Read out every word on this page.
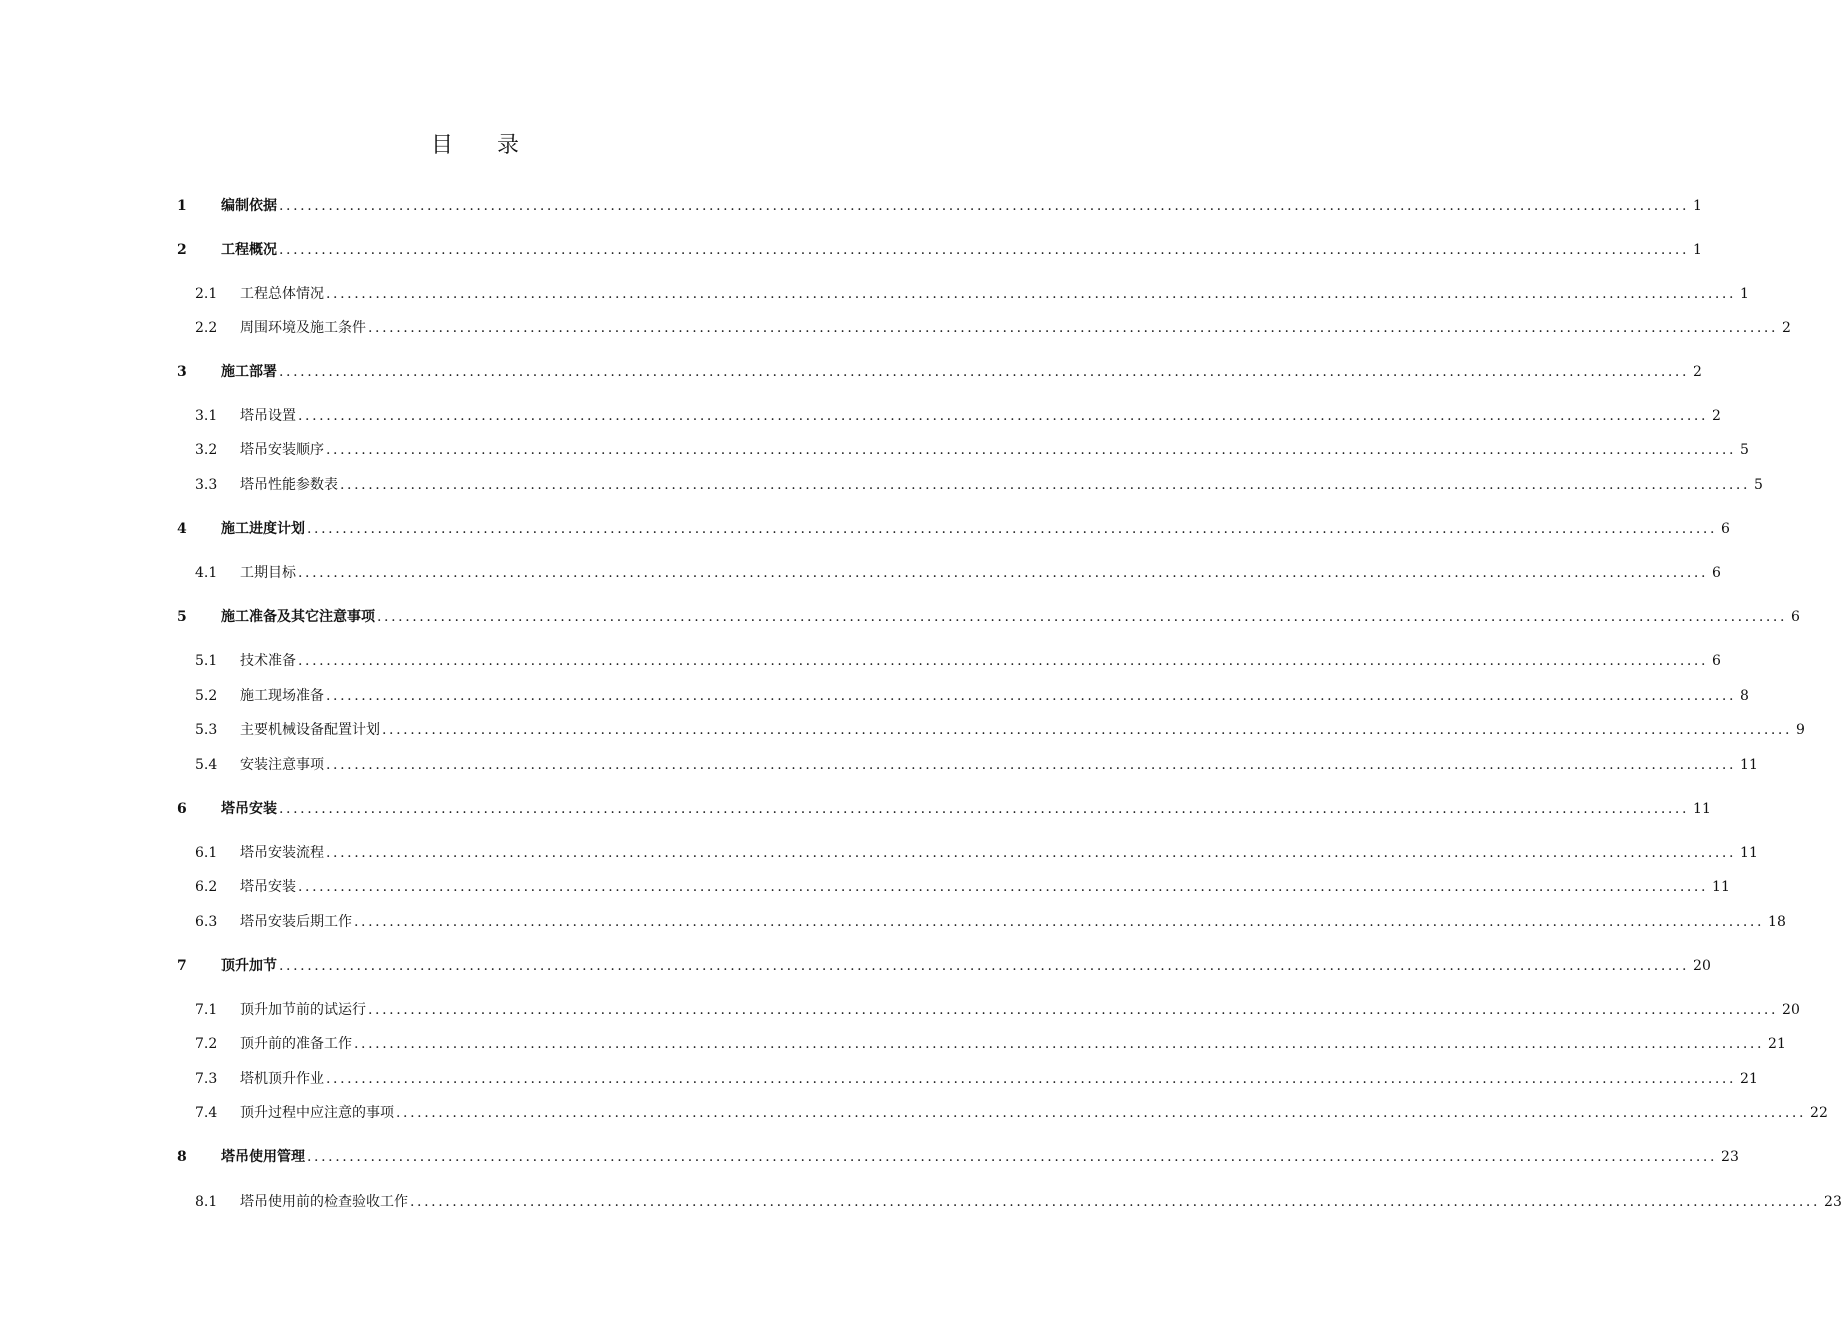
目 录
1 编制依据 ........................................................................................................................................................................................................ 1
2 工程概况 ........................................................................................................................................................................................................ 1
2.1 工程总体情况 ........................................................................................................................................................................................................ 1
2.2 周围环境及施工条件 ........................................................................................................................................................................................................ 2
3 施工部署 ........................................................................................................................................................................................................ 2
3.1 塔吊设置 ........................................................................................................................................................................................................ 2
3.2 塔吊安装顺序 ........................................................................................................................................................................................................ 5
3.3 塔吊性能参数表 ........................................................................................................................................................................................................ 5
4 施工进度计划 ........................................................................................................................................................................................................ 6
4.1 工期目标 ........................................................................................................................................................................................................ 6
5 施工准备及其它注意事项 ........................................................................................................................................................................................................ 6
5.1 技术准备 ........................................................................................................................................................................................................ 6
5.2 施工现场准备 ........................................................................................................................................................................................................ 8
5.3 主要机械设备配置计划 ........................................................................................................................................................................................................ 9
5.4 安装注意事项 ........................................................................................................................................................................................................ 11
6 塔吊安装 ........................................................................................................................................................................................................ 11
6.1 塔吊安装流程 ........................................................................................................................................................................................................ 11
6.2 塔吊安装 ........................................................................................................................................................................................................ 11
6.3 塔吊安装后期工作 ........................................................................................................................................................................................................ 18
7 顶升加节 ........................................................................................................................................................................................................ 20
7.1 顶升加节前的试运行 ........................................................................................................................................................................................................ 20
7.2 顶升前的准备工作 ........................................................................................................................................................................................................ 21
7.3 塔机顶升作业 ........................................................................................................................................................................................................ 21
7.4 顶升过程中应注意的事项 ........................................................................................................................................................................................................ 22
8 塔吊使用管理 ........................................................................................................................................................................................................ 23
8.1 塔吊使用前的检查验收工作 ........................................................................................................................................................................................................ 23
